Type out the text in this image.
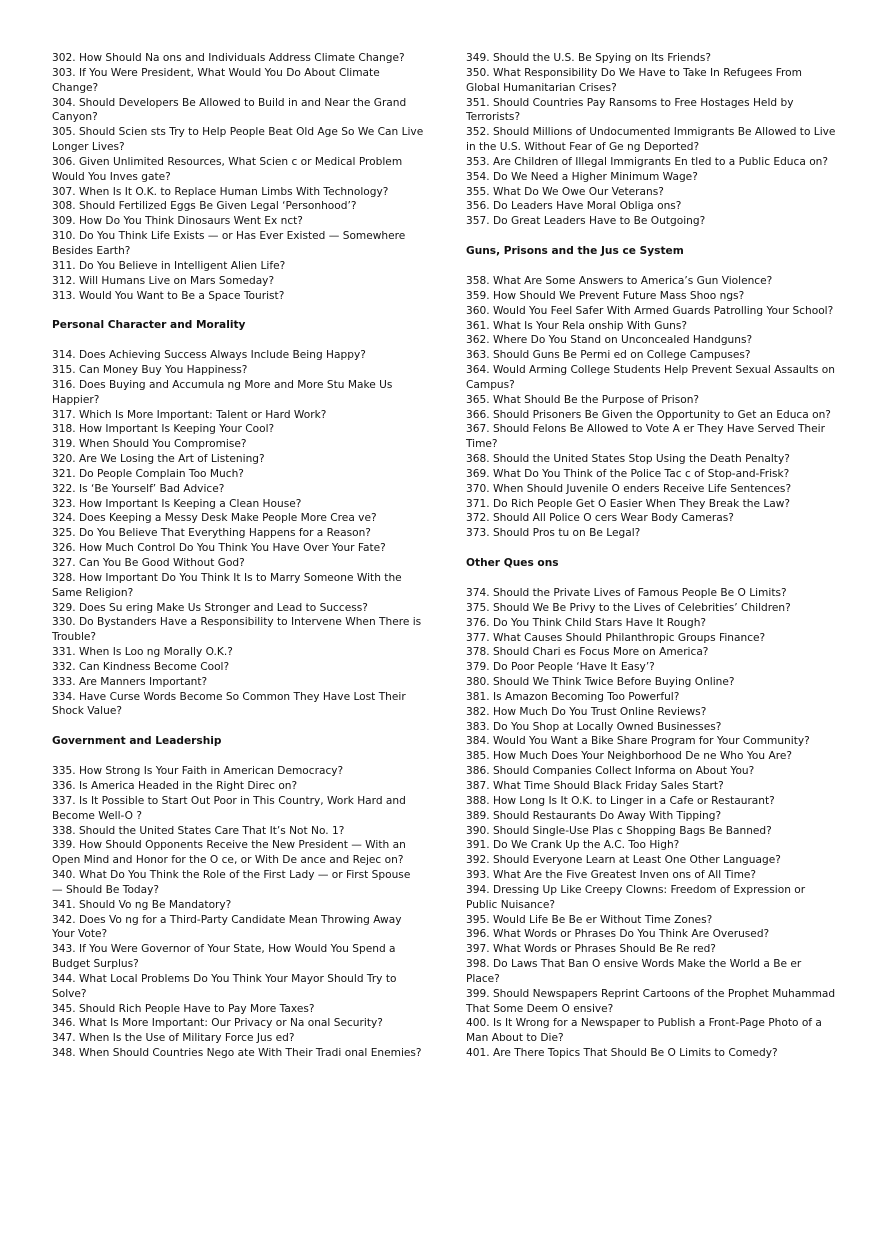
302. How Should Na ons and Individuals Address Climate Change?

303. If You Were President, What Would You Do About Climate Change?

304. Should Developers Be Allowed to Build in and Near the Grand Canyon?

305. Should Scien sts Try to Help People Beat Old Age So We Can Live Longer Lives?

306. Given Unlimited Resources, What Scien c or Medical Problem Would You Inves gate?

307. When Is It O.K. to Replace Human Limbs With Technology?

308. Should Fertilized Eggs Be Given Legal ‘Personhood’?

309. How Do You Think Dinosaurs Went Ex nct?

310. Do You Think Life Exists — or Has Ever Existed — Somewhere Besides Earth?

311. Do You Believe in Intelligent Alien Life?

312. Will Humans Live on Mars Someday?

313. Would You Want to Be a Space Tourist?

Personal Character and Morality

314. Does Achieving Success Always Include Being Happy?

315. Can Money Buy You Happiness?

316. Does Buying and Accumula ng More and More Stu Make Us Happier?

317. Which Is More Important: Talent or Hard Work?

318. How Important Is Keeping Your Cool?

319. When Should You Compromise?

320. Are We Losing the Art of Listening?

321. Do People Complain Too Much?

322. Is ‘Be Yourself’ Bad Advice?

323. How Important Is Keeping a Clean House?

324. Does Keeping a Messy Desk Make People More Crea ve?

325. Do You Believe That Everything Happens for a Reason?

326. How Much Control Do You Think You Have Over Your Fate?

327. Can You Be Good Without God?

328. How Important Do You Think It Is to Marry Someone With the Same Religion?

329. Does Su ering Make Us Stronger and Lead to Success?

330. Do Bystanders Have a Responsibility to Intervene When There is Trouble?

331. When Is Loo ng Morally O.K.?

332. Can Kindness Become Cool?

333. Are Manners Important?

334. Have Curse Words Become So Common They Have Lost Their Shock Value?

Government and Leadership

335. How Strong Is Your Faith in American Democracy?

336. Is America Headed in the Right Direc on?

337. Is It Possible to Start Out Poor in This Country, Work Hard and Become Well-O ?

338. Should the United States Care That It’s Not No. 1?

339. How Should Opponents Receive the New President — With an Open Mind and Honor for the O ce, or With De ance and Rejec on?

340. What Do You Think the Role of the First Lady — or First Spouse — Should Be Today?

341. Should Vo ng Be Mandatory?

342. Does Vo ng for a Third-Party Candidate Mean Throwing Away Your Vote?

343. If You Were Governor of Your State, How Would You Spend a Budget Surplus?

344. What Local Problems Do You Think Your Mayor Should Try to Solve?

345. Should Rich People Have to Pay More Taxes?

346. What Is More Important: Our Privacy or Na onal Security?

347. When Is the Use of Military Force Jus ed?

348. When Should Countries Nego ate With Their Tradi onal Enemies?

349. Should the U.S. Be Spying on Its Friends?

350. What Responsibility Do We Have to Take In Refugees From Global Humanitarian Crises?

351. Should Countries Pay Ransoms to Free Hostages Held by Terrorists?

352. Should Millions of Undocumented Immigrants Be Allowed to Live in the U.S. Without Fear of Ge ng Deported?

353. Are Children of Illegal Immigrants En tled to a Public Educa on?

354. Do We Need a Higher Minimum Wage?

355. What Do We Owe Our Veterans?

356. Do Leaders Have Moral Obliga ons?

357. Do Great Leaders Have to Be Outgoing?

Guns, Prisons and the Jus ce System

358. What Are Some Answers to America’s Gun Violence?

359. How Should We Prevent Future Mass Shoo ngs?

360. Would You Feel Safer With Armed Guards Patrolling Your School?

361. What Is Your Rela onship With Guns?

362. Where Do You Stand on Unconcealed Handguns?

363. Should Guns Be Permi ed on College Campuses?

364. Would Arming College Students Help Prevent Sexual Assaults on Campus?

365. What Should Be the Purpose of Prison?

366. Should Prisoners Be Given the Opportunity to Get an Educa on?

367. Should Felons Be Allowed to Vote A er They Have Served Their Time?

368. Should the United States Stop Using the Death Penalty?

369. What Do You Think of the Police Tac c of Stop-and-Frisk?

370. When Should Juvenile O enders Receive Life Sentences?

371. Do Rich People Get O Easier When They Break the Law?

372. Should All Police O cers Wear Body Cameras?

373. Should Pros tu on Be Legal?

Other Ques ons

374. Should the Private Lives of Famous People Be O Limits?

375. Should We Be Privy to the Lives of Celebrities’ Children?

376. Do You Think Child Stars Have It Rough?

377. What Causes Should Philanthropic Groups Finance?

378. Should Chari es Focus More on America?

379. Do Poor People ‘Have It Easy’?

380. Should We Think Twice Before Buying Online?

381. Is Amazon Becoming Too Powerful?

382. How Much Do You Trust Online Reviews?

383. Do You Shop at Locally Owned Businesses?

384. Would You Want a Bike Share Program for Your Community?

385. How Much Does Your Neighborhood De ne Who You Are?

386. Should Companies Collect Informa on About You?

387. What Time Should Black Friday Sales Start?

388. How Long Is It O.K. to Linger in a Cafe or Restaurant?

389. Should Restaurants Do Away With Tipping?

390. Should Single-Use Plas c Shopping Bags Be Banned?

391. Do We Crank Up the A.C. Too High?

392. Should Everyone Learn at Least One Other Language?

393. What Are the Five Greatest Inven ons of All Time?

394. Dressing Up Like Creepy Clowns: Freedom of Expression or Public Nuisance?

395. Would Life Be Be er Without Time Zones?

396. What Words or Phrases Do You Think Are Overused?

397. What Words or Phrases Should Be Re red?

398. Do Laws That Ban O ensive Words Make the World a Be er Place?

399. Should Newspapers Reprint Cartoons of the Prophet Muhammad That Some Deem O ensive?

400. Is It Wrong for a Newspaper to Publish a Front-Page Photo of a Man About to Die?

401. Are There Topics That Should Be O Limits to Comedy?
